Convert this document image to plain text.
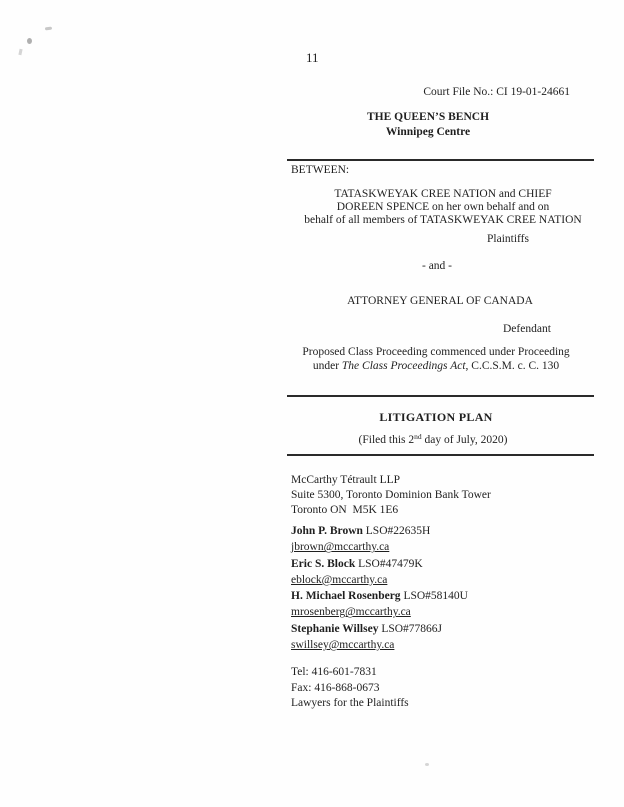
11
Court File No.: CI 19-01-24661
THE QUEEN’S BENCH
Winnipeg Centre
BETWEEN:
TATASKWEYAK CREE NATION and CHIEF
DOREEN SPENCE on her own behalf and on
behalf of all members of TATASKWEYAK CREE NATION
Plaintiffs
- and -
ATTORNEY GENERAL OF CANADA
Defendant
Proposed Class Proceeding commenced under Proceeding
under The Class Proceedings Act, C.C.S.M. c. C. 130
LITIGATION PLAN
(Filed this 2nd day of July, 2020)
McCarthy Tétrault LLP
Suite 5300, Toronto Dominion Bank Tower
Toronto ON  M5K 1E6
John P. Brown LSO#22635H
jbrown@mccarthy.ca
Eric S. Block LSO#47479K
eblock@mccarthy.ca
H. Michael Rosenberg LSO#58140U
mrosenberg@mccarthy.ca
Stephanie Willsey LSO#77866J
swillsey@mccarthy.ca
Tel: 416-601-7831
Fax: 416-868-0673
Lawyers for the Plaintiffs
